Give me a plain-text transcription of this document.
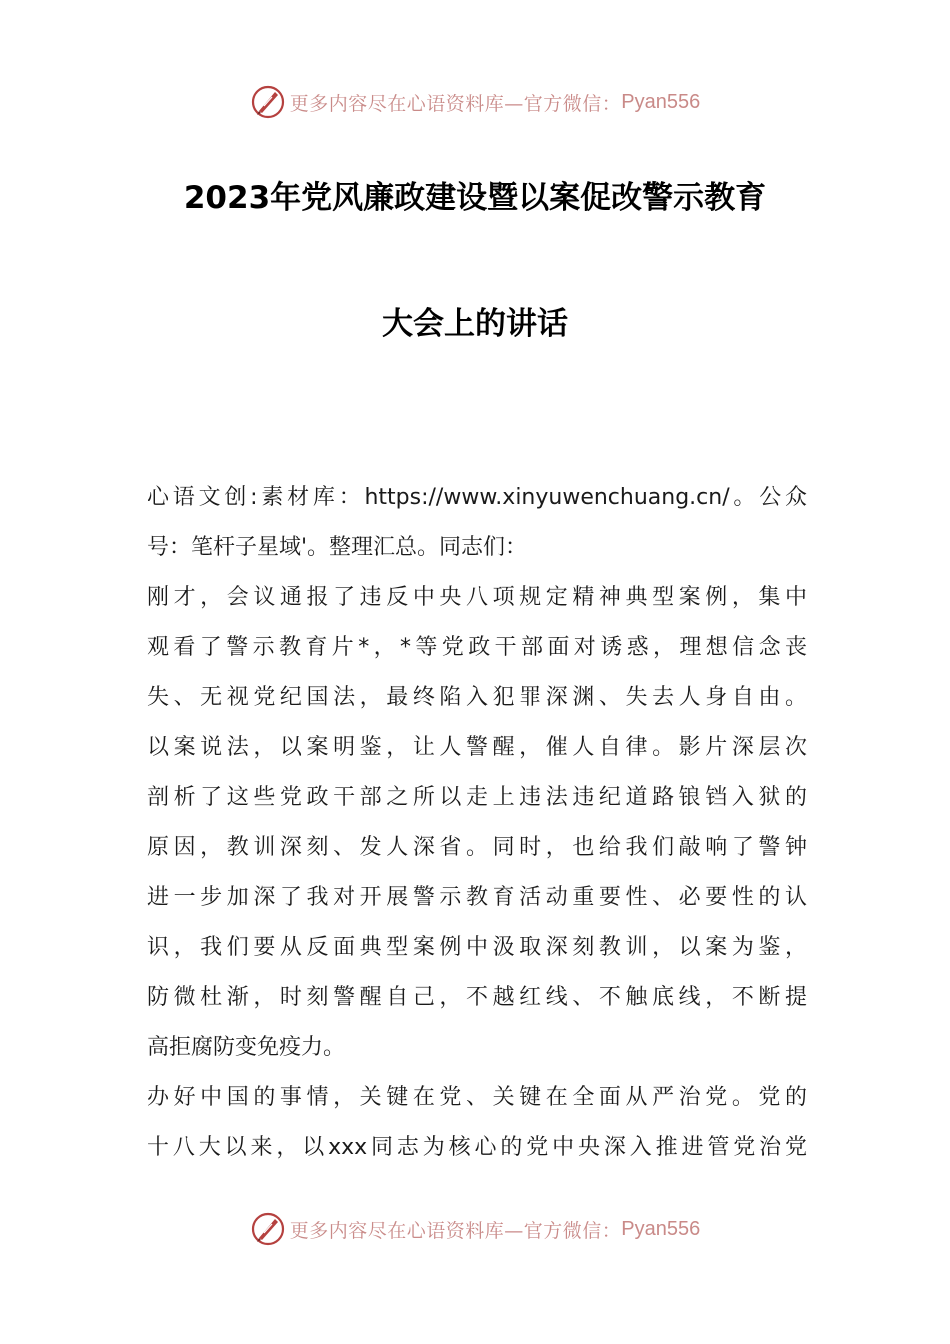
更多内容尽在心语资料库—官方微信： Pyan556
2023年党风廉政建设暨以案促改警示教育
大会上的讲话
心语文创:素材库：https://www.xinyuwenchuang.cn/。公众
号：笔杆子星域'。整理汇总。同志们：
刚才，会议通报了违反中央八项规定精神典型案例，集中
观看了警示教育片*，*等党政干部面对诱惑，理想信念丧
失、无视党纪国法，最终陷入犯罪深渊、失去人身自由。
以案说法，以案明鉴，让人警醒，催人自律。影片深层次
剖析了这些党政干部之所以走上违法违纪道路锒铛入狱的
原因，教训深刻、发人深省。同时，也给我们敲响了警钟
进一步加深了我对开展警示教育活动重要性、必要性的认
识，我们要从反面典型案例中汲取深刻教训，以案为鉴，
防微杜渐，时刻警醒自己，不越红线、不触底线，不断提
高拒腐防变免疫力。
办好中国的事情，关键在党、关键在全面从严治党。党的
十八大以来，以xxx同志为核心的党中央深入推进管党治党
更多内容尽在心语资料库—官方微信： Pyan556
